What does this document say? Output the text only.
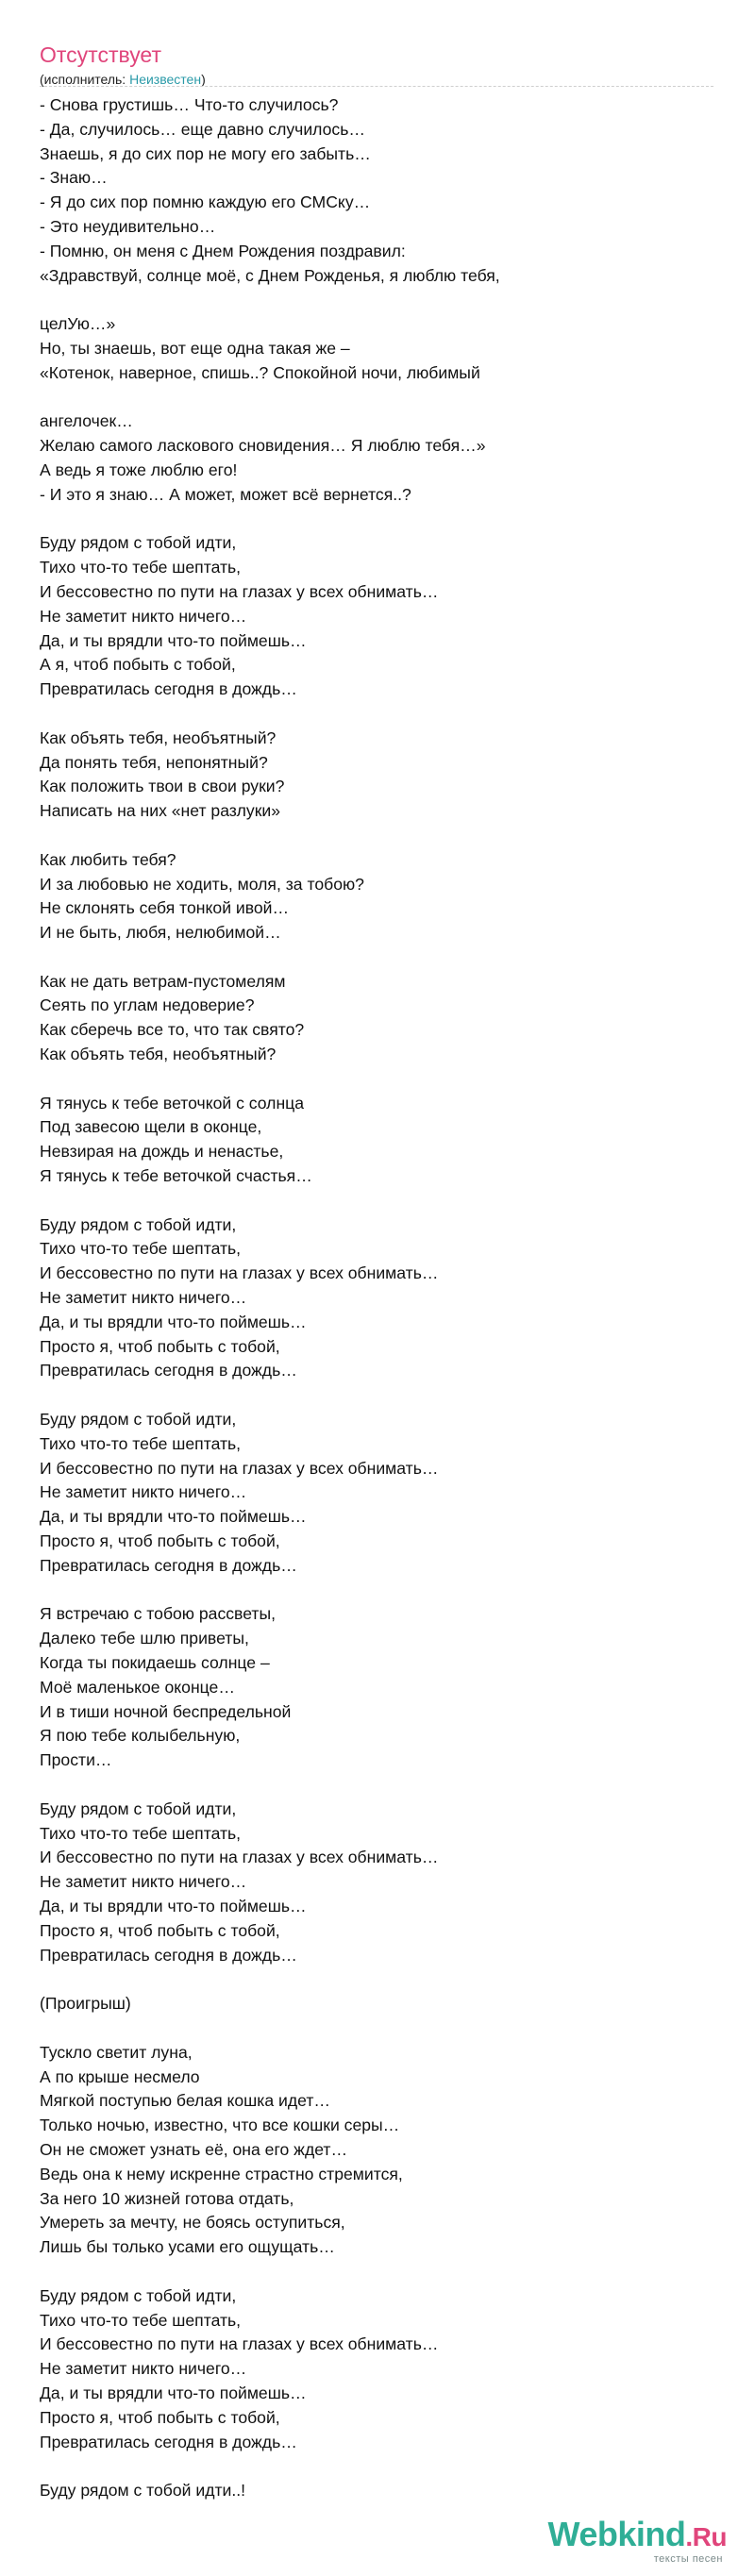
Отсутствует
(исполнитель: Неизвестен)
- Снова грустишь… Что-то случилось?
- Да, случилось… еще давно случилось…
Знаешь, я до сих пор не могу его забыть…
- Знаю…
- Я до сих пор помню каждую его СМСку…
- Это неудивительно…
- Помню, он меня с Днем Рождения поздравил:
«Здравствуй, солнце моё, с Днем Рожденья, я люблю тебя,

целУю…»
Но, ты знаешь, вот еще одна такая же –
«Котенок, наверное, спишь..? Спокойной ночи, любимый

ангелочек…
Желаю самого ласкового сновидения… Я люблю тебя…»
А ведь я тоже люблю его!
- И это я знаю… А может, может всё вернется..?

Буду рядом с тобой идти,
Тихо что-то тебе шептать,
И бессовестно по пути на глазах у всех обнимать…
Не заметит никто ничего…
Да, и ты врядли что-то поймешь…
А я, чтоб побыть с тобой,
Превратилась сегодня в дождь…

Как объять тебя, необъятный?
Да понять тебя, непонятный?
Как положить твои в свои руки?
Написать на них «нет разлуки»

Как любить тебя?
И за любовью не ходить, моля, за тобою?
Не склонять себя тонкой ивой…
И не быть, любя, нелюбимой…

Как не дать ветрам-пустомелям
Сеять по углам недоверие?
Как сберечь все то, что так свято?
Как объять тебя, необъятный?

Я тянусь к тебе веточкой с солнца
Под завесою щели в оконце,
Невзирая на дождь и ненастье,
Я тянусь к тебе веточкой счастья…

Буду рядом с тобой идти,
Тихо что-то тебе шептать,
И бессовестно по пути на глазах у всех обнимать…
Не заметит никто ничего…
Да, и ты врядли что-то поймешь…
Просто я, чтоб побыть с тобой,
Превратилась сегодня в дождь…

Буду рядом с тобой идти,
Тихо что-то тебе шептать,
И бессовестно по пути на глазах у всех обнимать…
Не заметит никто ничего…
Да, и ты врядли что-то поймешь…
Просто я, чтоб побыть с тобой,
Превратилась сегодня в дождь…

Я встречаю с тобою рассветы,
Далеко тебе шлю приветы,
Когда ты покидаешь солнце –
Моё маленькое оконце…
И в тиши ночной беспредельной
Я пою тебе колыбельную,
Прости…

Буду рядом с тобой идти,
Тихо что-то тебе шептать,
И бессовестно по пути на глазах у всех обнимать…
Не заметит никто ничего…
Да, и ты врядли что-то поймешь…
Просто я, чтоб побыть с тобой,
Превратилась сегодня в дождь…

(Проигрыш)

Тускло светит луна,
А по крыше несмело
Мягкой поступью белая кошка идет…
Только ночью, известно, что все кошки серы…
Он не сможет узнать её, она его ждет…
Ведь она к нему искренне страстно стремится,
За него 10 жизней готова отдать,
Умереть за мечту, не боясь оступиться,
Лишь бы только усами его ощущать…

Буду рядом с тобой идти,
Тихо что-то тебе шептать,
И бессовестно по пути на глазах у всех обнимать…
Не заметит никто ничего…
Да, и ты врядли что-то поймешь…
Просто я, чтоб побыть с тобой,
Превратилась сегодня в дождь…

Буду рядом с тобой идти..!
Webkind.Ru
тексты песен
